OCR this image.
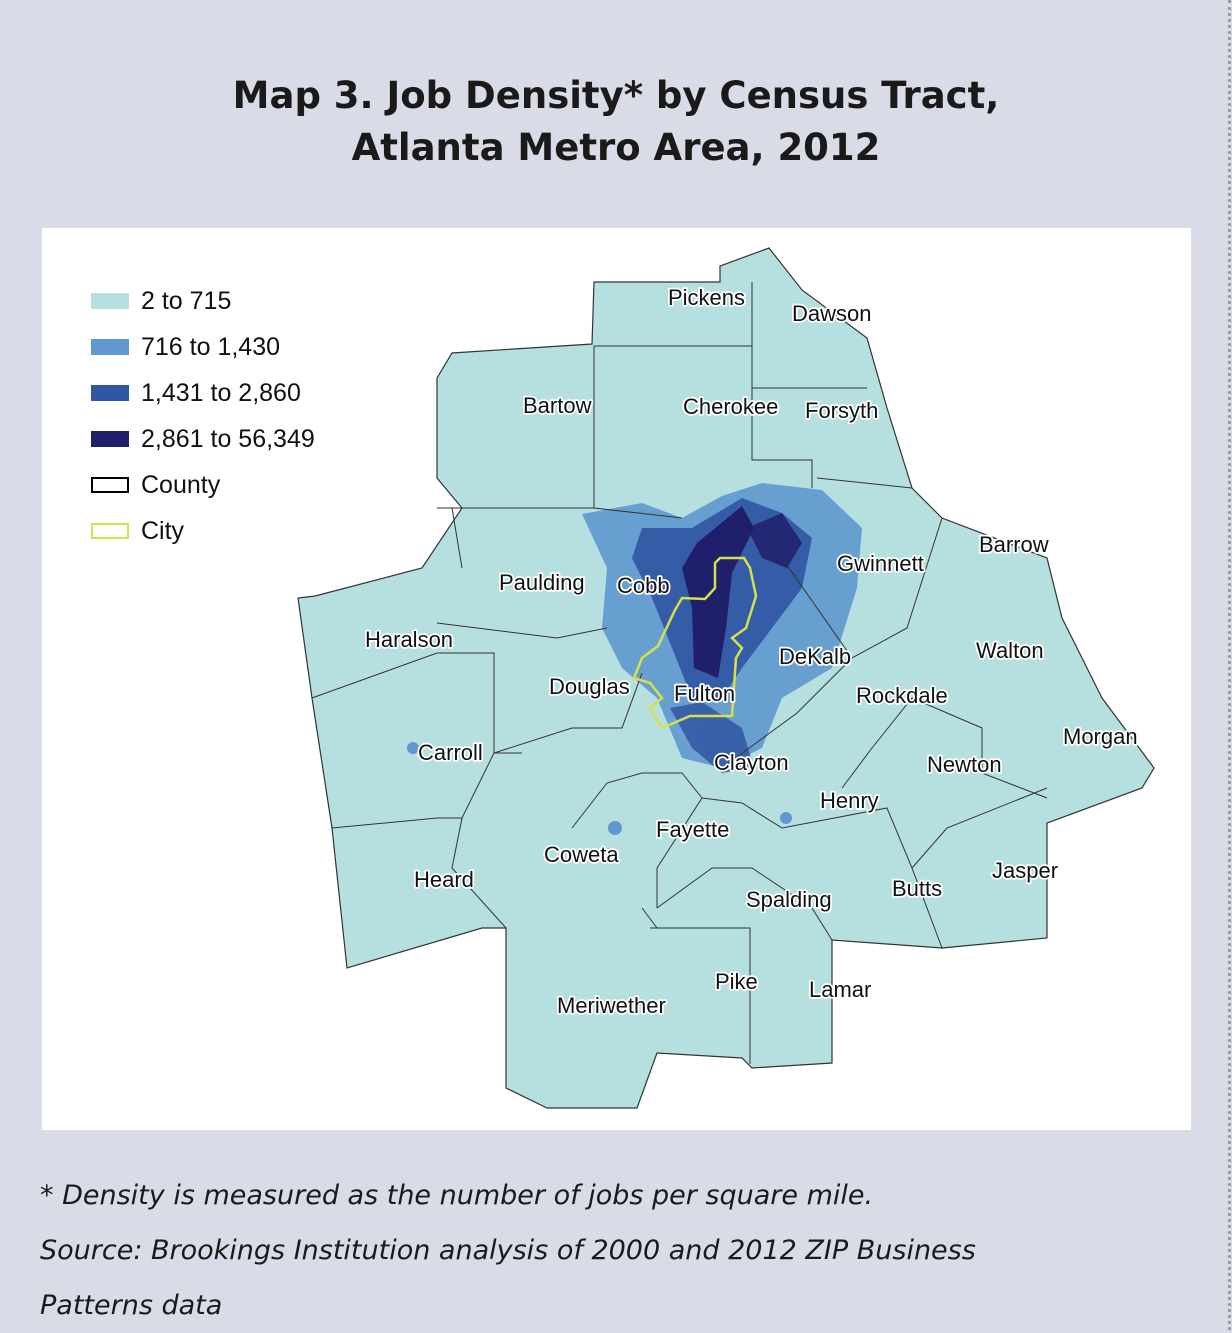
Map 3. Job Density* by Census Tract,
Atlanta Metro Area, 2012
Pickens
Dawson
Bartow	Cherokee Forsyth
Barrow
Gwinnett
Paulding Cobb
Haralson
DeKalb	Walton
Douglas Fulton	Rockdale
Morgan
Carroll	Clayton	Newton
Henry
Fayette
Coweta
Jasper
Heard	Butts
Spalding
Pike Lamar
Meriwether
2 to 715
716 to 1,430
1,431 to 2,860
2,861 to 56,349
County
City
* Density is measured as the number of jobs per square mile.
Source: Brookings Institution analysis of 2000 and 2012 ZIP Business
Patterns data
